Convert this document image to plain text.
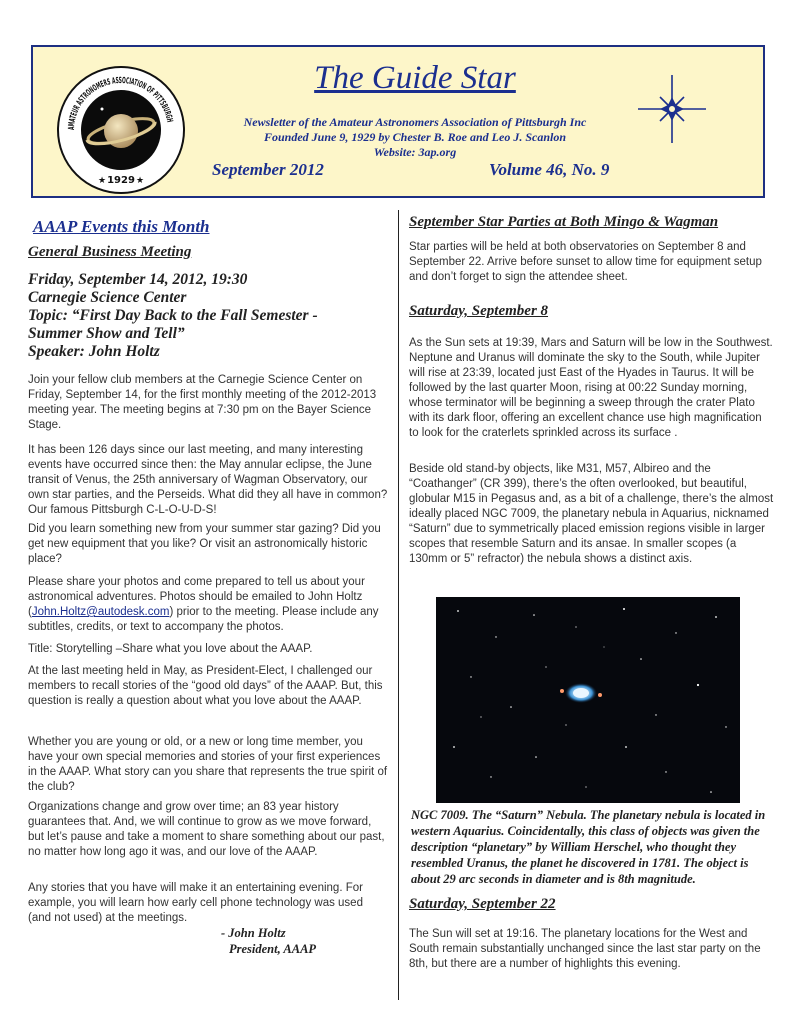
AMATEUR ASTRONOMERS ASSOCIATION OF PITTSBURGH
1929
★	★
The Guide Star
Newsletter of the Amateur Astronomers Association of Pittsburgh Inc
Founded June 9, 1929 by Chester B. Roe and Leo J. Scanlon
Website: 3ap.org
September 2012	Volume 46, No. 9
AAAP Events this Month
General Business Meeting
Friday, September 14, 2012, 19:30
Carnegie Science Center
Topic: “First Day Back to the Fall Semester -
Summer Show and Tell”
Speaker: John Holtz

Join your fellow club members at the Carnegie Science Center on Friday, September 14, for the first monthly meeting of the 2012-2013 meeting year. The meeting begins at 7:30 pm on the Bayer Science Stage.

It has been 126 days since our last meeting, and many interesting events have occurred since then: the May annular eclipse, the June transit of Venus, the 25th anniversary of Wagman Observatory, our own star parties, and the Perseids. What did they all have in common? Our famous Pittsburgh C-L-O-U-D-S!

Did you learn something new from your summer star gazing? Did you get new equipment that you like? Or visit an astronomically historic place?

Please share your photos and come prepared to tell us about your astronomical adventures. Photos should be emailed to John Holtz (John.Holtz@autodesk.com) prior to the meeting. Please include any subtitles, credits, or text to accompany the photos.

Title: Storytelling –Share what you love about the AAAP.

At the last meeting held in May, as President-Elect, I challenged our members to recall stories of the “good old days” of the AAAP. But, this question is really a question about what you love about the AAAP.

Whether you are young or old, or a new or long time member, you have your own special memories and stories of your first experiences in the AAAP. What story can you share that represents the true spirit of the club?

Organizations change and grow over time; an 83 year history guarantees that. And, we will continue to grow as we move forward, but let’s pause and take a moment to share something about our past, no matter how long ago it was, and our love of the AAAP.

Any stories that you have will make it an entertaining evening. For example, you will learn how early cell phone technology was used (and not used) at the meetings.

- John Holtz
President, AAAP
September Star Parties at Both Mingo & Wagman

Star parties will be held at both observatories on September 8 and September 22. Arrive before sunset to allow time for equipment setup and don’t forget to sign the attendee sheet.

Saturday, September 8

As the Sun sets at 19:39, Mars and Saturn will be low in the Southwest. Neptune and Uranus will dominate the sky to the South, while Jupiter will rise at 23:39, located just East of the Hyades in Taurus. It will be followed by the last quarter Moon, rising at 00:22 Sunday morning, whose terminator will be beginning a sweep through the crater Plato with its dark floor, offering an excellent chance use high magnification to look for the craterlets sprinkled across its surface .

Beside old stand-by objects, like M31, M57, Albireo and the “Coathanger” (CR 399), there’s the often overlooked, but beautiful, globular M15 in Pegasus and, as a bit of a challenge, there’s the almost ideally placed NGC 7009, the planetary nebula in Aquarius, nicknamed “Saturn” due to symmetrically placed emission regions visible in larger scopes that resemble Saturn and its ansae. In smaller scopes (a 130mm or 5” refractor) the nebula shows a distinct axis.

NGC 7009. The “Saturn” Nebula. The planetary nebula is located in western Aquarius. Coincidentally, this class of objects was given the description “planetary” by William Herschel, who thought they resembled Uranus, the planet he discovered in 1781. The object is about 29 arc seconds in diameter and is 8th magnitude.

Saturday, September 22

The Sun will set at 19:16. The planetary locations for the West and South remain substantially unchanged since the last star party on the 8th, but there are a number of highlights this evening.
